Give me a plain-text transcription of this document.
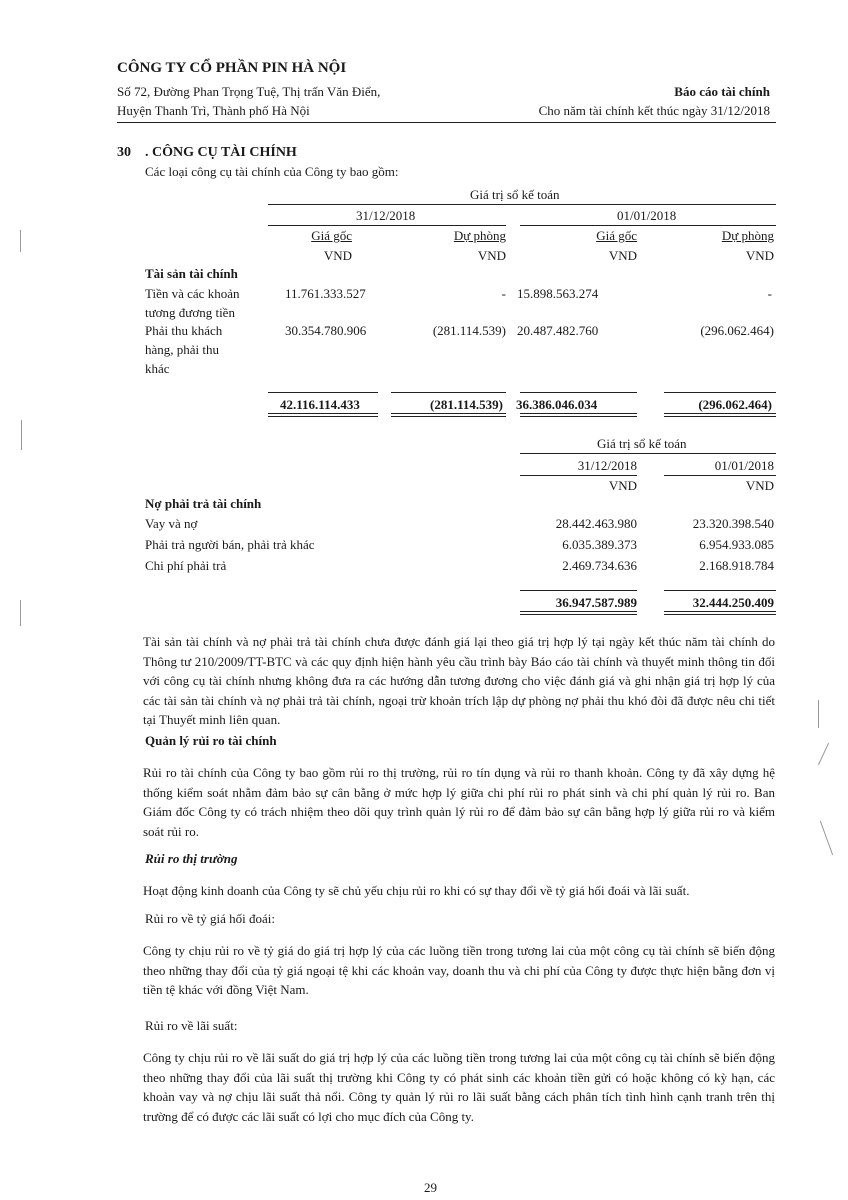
CÔNG TY CỔ PHẦN PIN HÀ NỘI
Số 72, Đường Phan Trọng Tuệ, Thị trấn Văn Điển,
Huyện Thanh Trì, Thành phố Hà Nội
Báo cáo tài chính
Cho năm tài chính kết thúc ngày 31/12/2018
30 . CÔNG CỤ TÀI CHÍNH
Các loại công cụ tài chính của Công ty bao gồm:
Giá trị sổ kế toán
31/12/2018	01/01/2018
Giá gốc	Dự phòng	Giá gốc	Dự phòng
VND	VND	VND	VND
Tài sản tài chính
Tiền và các khoản
tương đương tiền
11.761.333.527	- 15.898.563.274	-
Phải thu khách
hàng, phải thu
khác
30.354.780.906	(281.114.539) 20.487.482.760	(296.062.464)
42.116.114.433	(281.114.539) 36.386.046.034	(296.062.464)
Giá trị sổ kế toán
31/12/2018	01/01/2018
VND	VND
Nợ phải trả tài chính
Vay và nợ	28.442.463.980	23.320.398.540
Phải trả người bán, phải trả khác	6.035.389.373	6.954.933.085
Chi phí phải trả	2.469.734.636	2.168.918.784
36.947.587.989	32.444.250.409
Tài sản tài chính và nợ phải trả tài chính chưa được đánh giá lại theo giá trị hợp lý tại ngày kết thúc năm tài chính do Thông tư 210/2009/TT-BTC và các quy định hiện hành yêu cầu trình bày Báo cáo tài chính và thuyết minh thông tin đối với công cụ tài chính nhưng không đưa ra các hướng dẫn tương đương cho việc đánh giá và ghi nhận giá trị hợp lý của các tài sản tài chính và nợ phải trả tài chính, ngoại trừ khoản trích lập dự phòng nợ phải thu khó đòi đã được nêu chi tiết tại Thuyết minh liên quan.
Quản lý rủi ro tài chính
Rủi ro tài chính của Công ty bao gồm rủi ro thị trường, rủi ro tín dụng và rủi ro thanh khoản. Công ty đã xây dựng hệ thống kiểm soát nhằm đảm bảo sự cân bằng ở mức hợp lý giữa chi phí rủi ro phát sinh và chi phí quản lý rủi ro. Ban Giám đốc Công ty có trách nhiệm theo dõi quy trình quản lý rủi ro để đảm bảo sự cân bằng hợp lý giữa rủi ro và kiểm soát rủi ro.
Rủi ro thị trường
Hoạt động kinh doanh của Công ty sẽ chủ yếu chịu rủi ro khi có sự thay đổi về tỷ giá hối đoái và lãi suất.
Rủi ro về tỷ giá hối đoái:
Công ty chịu rủi ro về tỷ giá do giá trị hợp lý của các luồng tiền trong tương lai của một công cụ tài chính sẽ biến động theo những thay đổi của tỷ giá ngoại tệ khi các khoản vay, doanh thu và chi phí của Công ty được thực hiện bằng đơn vị tiền tệ khác với đồng Việt Nam.
Rủi ro về lãi suất:
Công ty chịu rủi ro về lãi suất do giá trị hợp lý của các luồng tiền trong tương lai của một công cụ tài chính sẽ biến động theo những thay đổi của lãi suất thị trường khi Công ty có phát sinh các khoản tiền gửi có hoặc không có kỳ hạn, các khoản vay và nợ chịu lãi suất thả nổi. Công ty quản lý rủi ro lãi suất bằng cách phân tích tình hình cạnh tranh trên thị trường để có được các lãi suất có lợi cho mục đích của Công ty.
29
